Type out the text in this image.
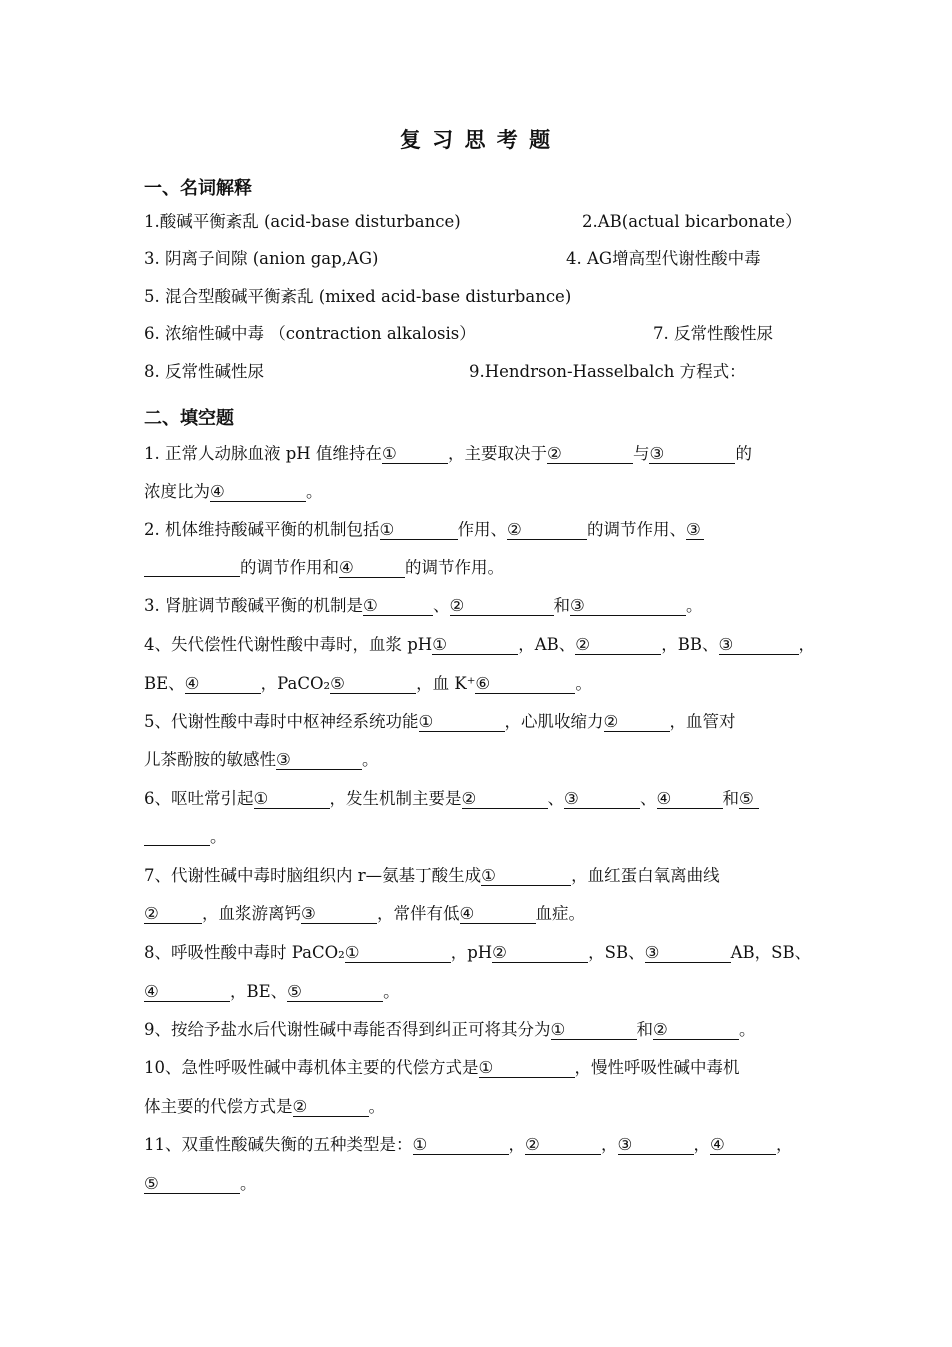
复 习 思 考 题
一、名词解释
1.酸碱平衡紊乱 (acid-base disturbance)	2.AB(actual bicarbonate）
3. 阴离子间隙 (anion gap,AG)	4. AG增高型代谢性酸中毒
5. 混合型酸碱平衡紊乱 (mixed acid-base disturbance)
6. 浓缩性碱中毒 （contraction alkalosis）	7. 反常性酸性尿
8. 反常性碱性尿	9.Hendrson-Hasselbalch 方程式：
二、填空题
1. 正常人动脉血液 pH 值维持在①	，主要取决于②	与③	的
浓度比为④	。
2. 机体维持酸碱平衡的机制包括①	作用、②	的调节作用、③
的调节作用和④	的调节作用。
3. 肾脏调节酸碱平衡的机制是①	、②	和③	。
4、失代偿性代谢性酸中毒时，血浆 pH①	，AB、②	，BB、③	，
BE、④	，PaCO₂⑤	，血 K⁺⑥	。
5、代谢性酸中毒时中枢神经系统功能①	，心肌收缩力②	，血管对
儿茶酚胺的敏感性③	。
6、呕吐常引起①	，发生机制主要是②	、③	、④	和⑤
。
7、代谢性碱中毒时脑组织内 r—氨基丁酸生成①	，血红蛋白氧离曲线
②	，血浆游离钙③	，常伴有低④	血症。
8、呼吸性酸中毒时 PaCO₂①	，pH②	，SB、③	AB，SB、
④	，BE、⑤	。
9、按给予盐水后代谢性碱中毒能否得到纠正可将其分为①	和②	。
10、急性呼吸性碱中毒机体主要的代偿方式是①	，慢性呼吸性碱中毒机
体主要的代偿方式是②	。
11、双重性酸碱失衡的五种类型是：①	，②	，③	，④	，
⑤	。
